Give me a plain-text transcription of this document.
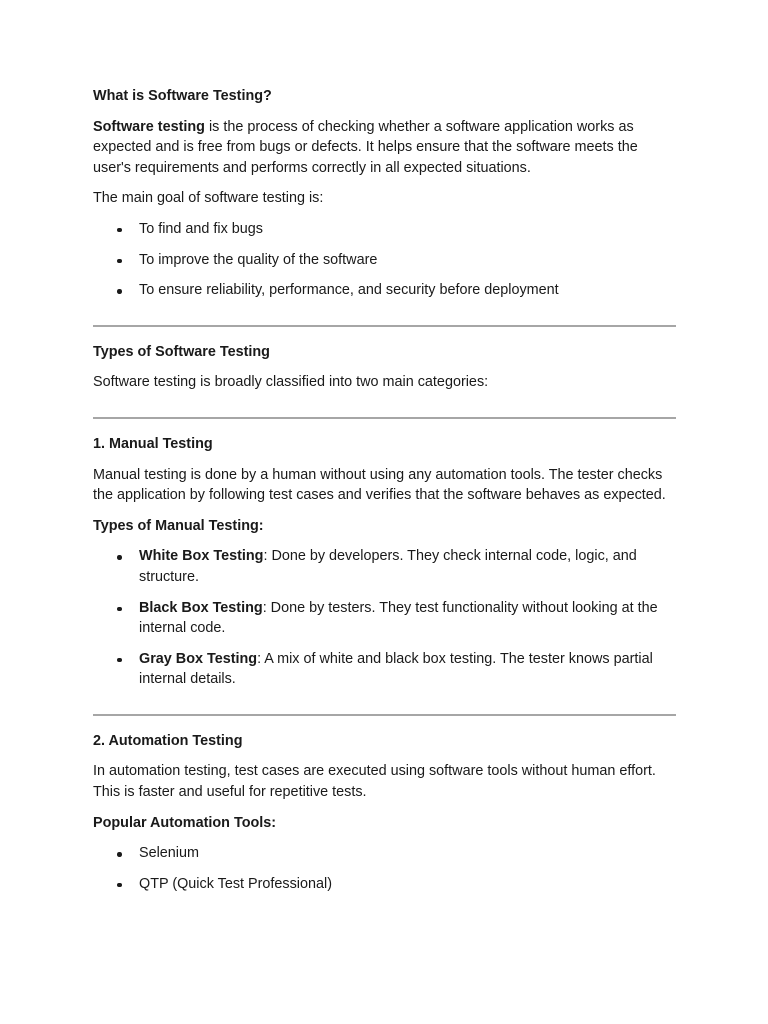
What is Software Testing?

Software testing is the process of checking whether a software application works as expected and is free from bugs or defects. It helps ensure that the software meets the user's requirements and performs correctly in all expected situations.

The main goal of software testing is:

To find and fix bugs
To improve the quality of the software
To ensure reliability, performance, and security before deployment
Types of Software Testing

Software testing is broadly classified into two main categories:

1. Manual Testing

Manual testing is done by a human without using any automation tools. The tester checks the application by following test cases and verifies that the software behaves as expected.

Types of Manual Testing:
White Box Testing: Done by developers. They check internal code, logic, and structure.
Black Box Testing: Done by testers. They test functionality without looking at the internal code.
Gray Box Testing: A mix of white and black box testing. The tester knows partial internal details.
2. Automation Testing

In automation testing, test cases are executed using software tools without human effort. This is faster and useful for repetitive tests.

Popular Automation Tools:
Selenium
QTP (Quick Test Professional)
